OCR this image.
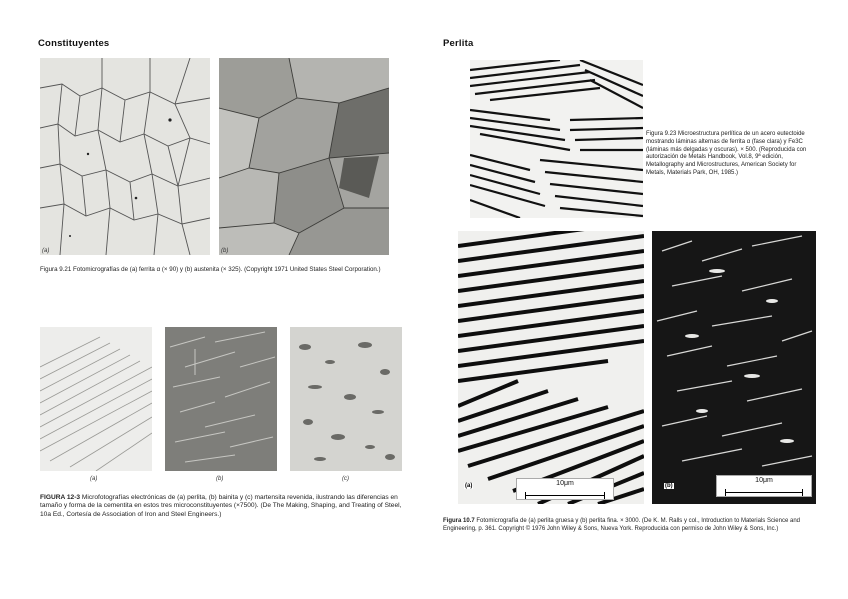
Constituyentes
(a)	(b)
Figura 9.21 Fotomicrografías de (a) ferrita α (× 90) y (b) austenita (× 325). (Copyright 1971 United States Steel Corporation.)
(a)	(b)	(c)
FIGURA 12-3 Microfotografías electrónicas de (a) perlita, (b) bainita y (c) martensita revenida, ilustrando las diferencias en tamaño y forma de la cementita en estos tres microconstituyentes (×7500). (De The Making, Shaping, and Treating of Steel, 10a Ed., Cortesía de Association of Iron and Steel Engineers.)
Perlita
Figura 9.23 Microestructura perlítica de un acero eutectoide mostrando láminas alternas de ferrita α (fase clara) y Fe3C (láminas más delgadas y oscuras). × 500. (Reproducida con autorización de Metals Handbook, Vol.8, 9ª edición, Metallography and Microstructures, American Society for Metals, Materials Park, OH, 1985.)
(a)	10μm	(b)
10μm
Figura 10.7 Fotomicrografía de (a) perlita gruesa y (b) perlita fina. × 3000. (De K. M. Ralls y col., Introduction to Materials Science and Engineering, p. 361. Copyright © 1976 John Wiley & Sons, Nueva York. Reproducida con permiso de John Wiley & Sons, Inc.)
